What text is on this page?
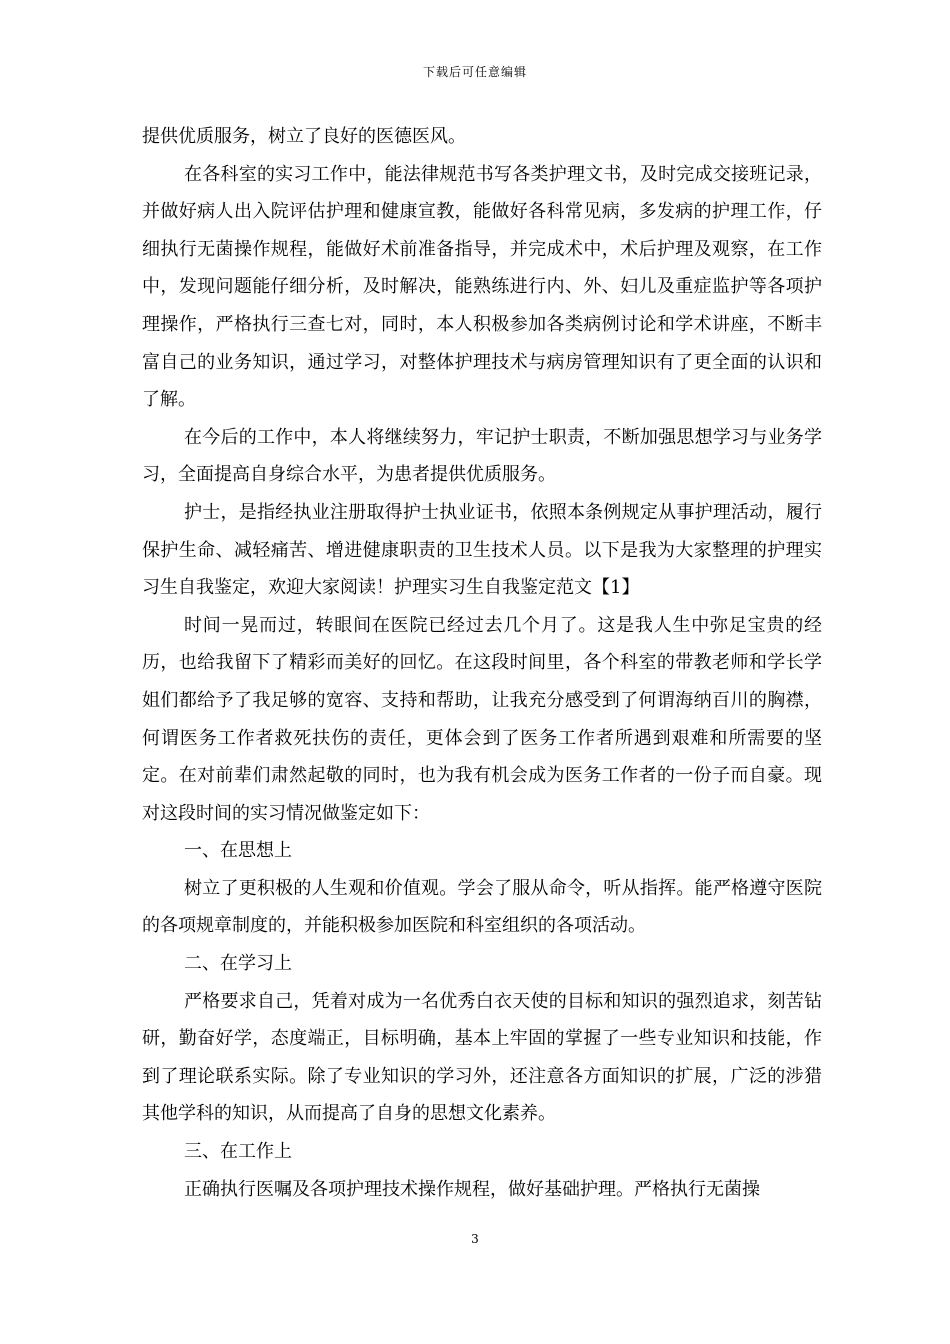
下载后可任意编辑

提供优质服务，树立了良好的医德医风。

在各科室的实习工作中，能法律规范书写各类护理文书，及时完成交接班记录，并做好病人出入院评估护理和健康宣教，能做好各科常见病，多发病的护理工作，仔细执行无菌操作规程，能做好术前准备指导，并完成术中，术后护理及观察，在工作中，发现问题能仔细分析，及时解决，能熟练进行内、外、妇儿及重症监护等各项护理操作，严格执行三查七对，同时，本人积极参加各类病例讨论和学术讲座，不断丰富自己的业务知识，通过学习，对整体护理技术与病房管理知识有了更全面的认识和了解。

在今后的工作中，本人将继续努力，牢记护士职责，不断加强思想学习与业务学习，全面提高自身综合水平，为患者提供优质服务。

护士，是指经执业注册取得护士执业证书，依照本条例规定从事护理活动，履行保护生命、减轻痛苦、增进健康职责的卫生技术人员。以下是我为大家整理的护理实习生自我鉴定，欢迎大家阅读！护理实习生自我鉴定范文【1】

时间一晃而过，转眼间在医院已经过去几个月了。这是我人生中弥足宝贵的经历，也给我留下了精彩而美好的回忆。在这段时间里，各个科室的带教老师和学长学姐们都给予了我足够的宽容、支持和帮助，让我充分感受到了何谓海纳百川的胸襟，何谓医务工作者救死扶伤的责任，更体会到了医务工作者所遇到艰难和所需要的坚定。在对前辈们肃然起敬的同时，也为我有机会成为医务工作者的一份子而自豪。现对这段时间的实习情况做鉴定如下：

一、在思想上

树立了更积极的人生观和价值观。学会了服从命令，听从指挥。能严格遵守医院的各项规章制度的，并能积极参加医院和科室组织的各项活动。

二、在学习上

严格要求自己，凭着对成为一名优秀白衣天使的目标和知识的强烈追求，刻苦钻研，勤奋好学，态度端正，目标明确，基本上牢固的掌握了一些专业知识和技能，作到了理论联系实际。除了专业知识的学习外，还注意各方面知识的扩展，广泛的涉猎其他学科的知识，从而提高了自身的思想文化素养。

三、在工作上

正确执行医嘱及各项护理技术操作规程，做好基础护理。严格执行无菌操

3
